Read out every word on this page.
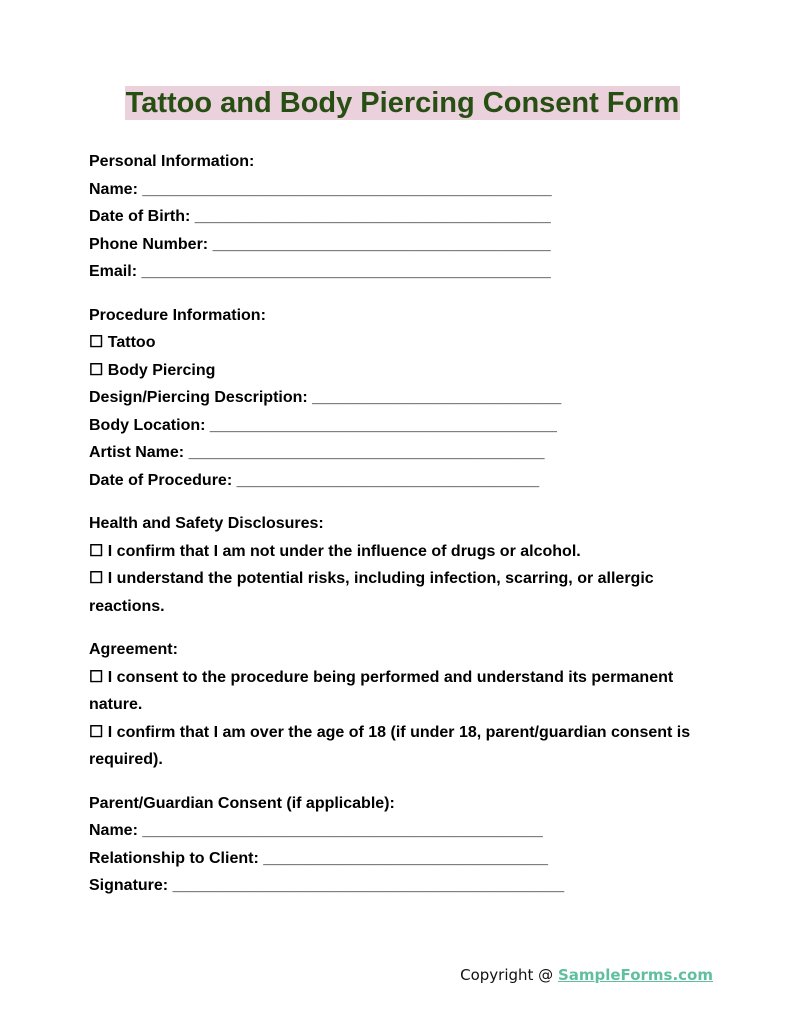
Tattoo and Body Piercing Consent Form
Personal Information:
Name: ______________________________________________
Date of Birth: ________________________________________
Phone Number: ______________________________________
Email: ______________________________________________
Procedure Information:
☐ Tattoo
☐ Body Piercing
Design/Piercing Description: ____________________________
Body Location: _______________________________________
Artist Name: ________________________________________
Date of Procedure: __________________________________
Health and Safety Disclosures:
☐ I confirm that I am not under the influence of drugs or alcohol.
☐ I understand the potential risks, including infection, scarring, or allergic reactions.
Agreement:
☐ I consent to the procedure being performed and understand its permanent nature.
☐ I confirm that I am over the age of 18 (if under 18, parent/guardian consent is required).
Parent/Guardian Consent (if applicable):
Name: _____________________________________________
Relationship to Client: ________________________________
Signature: ____________________________________________
Copyright @ SampleForms.com
